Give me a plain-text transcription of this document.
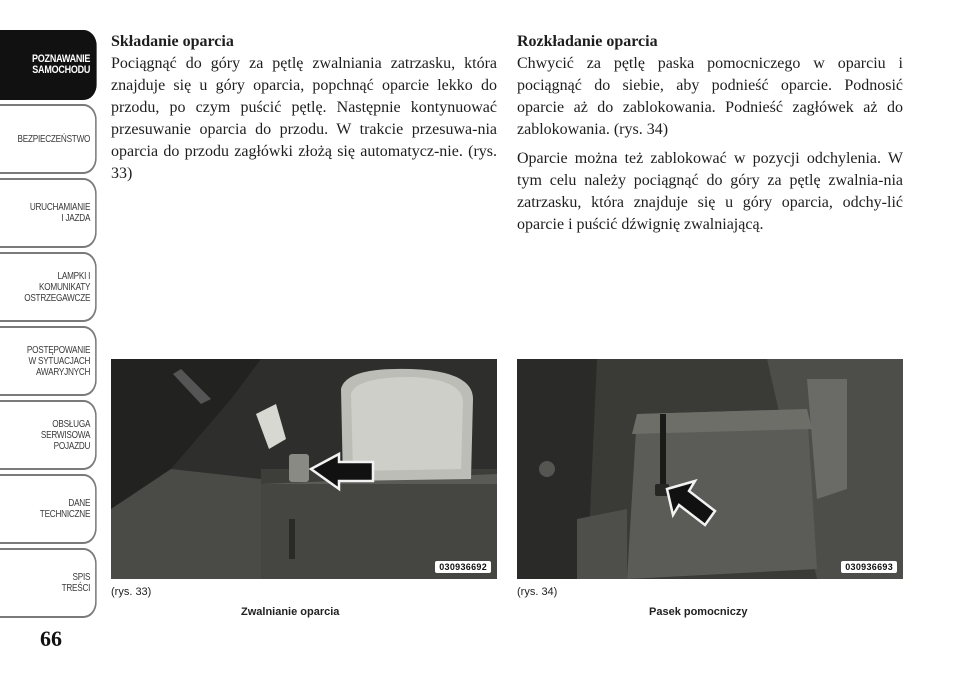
POZNAWANIE
SAMOCHODU
BEZPIECZEŃSTWO
URUCHAMIANIE
I JAZDA
LAMPKI I
KOMUNIKATY
OSTRZEGAWCZE
POSTĘPOWANIE
W SYTUACJACH
AWARYJNYCH
OBSŁUGA
SERWISOWA
POJAZDU
DANE
TECHNICZNE
SPIS
TREŚCI
66
Składanie oparcia

Pociągnąć do góry za pętlę zwalniania zatrzasku, która znajduje się u góry oparcia, popchnąć oparcie lekko do przodu, po czym puścić pętlę. Następnie kontynuować przesuwanie oparcia do przodu. W trakcie przesuwa-nia oparcia do przodu zagłówki złożą się automatycz-nie. (rys. 33)

Rozkładanie oparcia

Chwycić za pętlę paska pomocniczego w oparciu i pociągnąć do siebie, aby podnieść oparcie. Podnosić oparcie aż do zablokowania. Podnieść zagłówek aż do zablokowania. (rys. 34)

Oparcie można też zablokować w pozycji odchylenia. W tym celu należy pociągnąć do góry za pętlę zwalnia-nia zatrzasku, która znajduje się u góry oparcia, odchy-lić oparcie i puścić dźwignię zwalniającą.

030936692	030936693
(rys. 33)
Zwalnianie oparcia
(rys. 34)
Pasek pomocniczy
